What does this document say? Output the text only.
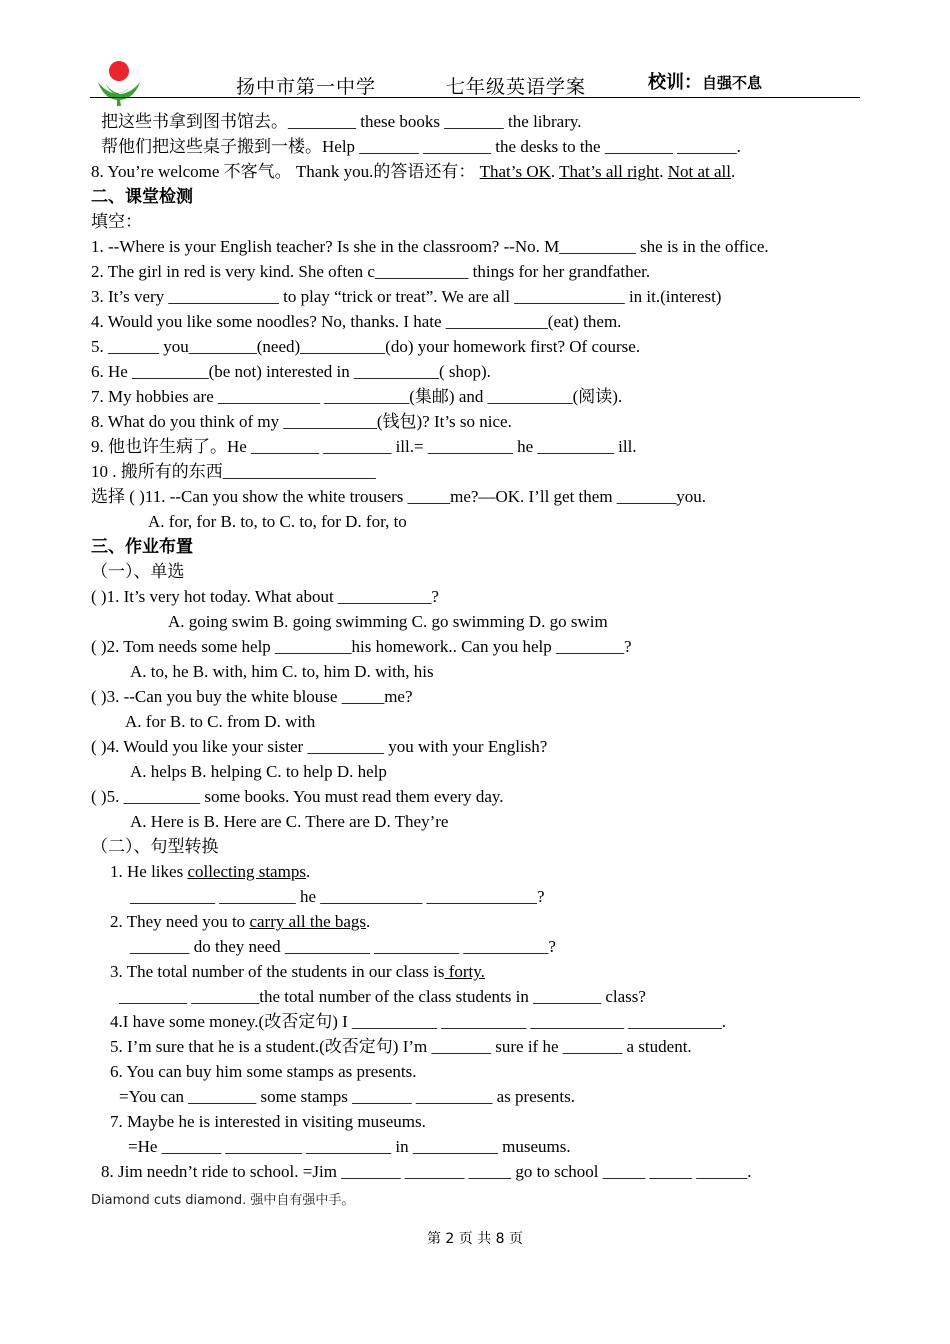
扬中市第一中学	七年级英语学案	校训：自强不息
把这些书拿到图书馆去。________ these books _______ the library.
帮他们把这些桌子搬到一楼。Help _______ ________ the desks to the ________ _______.
8. You’re welcome 不客气。 Thank you.的答语还有： That’s OK. That’s all right. Not at all.
二、课堂检测
填空：
1. --Where is your English teacher? Is she in the classroom? --No. M_________ she is in the office.
2. The girl in red is very kind. She often c___________ things for her grandfather.
3. It’s very _____________ to play “trick or treat”. We are all _____________ in it.(interest)
4. Would you like some noodles? No, thanks. I hate ____________(eat) them.
5. ______ you________(need)__________(do) your homework first? Of course.
6. He _________(be not) interested in __________( shop).
7. My hobbies are ____________ __________(集邮) and __________(阅读).
8. What do you think of my ___________(钱包)? It’s so nice.
9. 他也许生病了。He ________ ________ ill.= __________ he _________ ill.
10 . 搬所有的东西__________________
选择 ( )11. --Can you show the white trousers _____me?—OK. I’ll get them _______you.
A. for, for B. to, to C. to, for D. for, to
三、作业布置
（一）、单选
( )1. It’s very hot today. What about ___________?
A. going swim B. going swimming C. go swimming D. go swim
( )2. Tom needs some help _________his homework.. Can you help ________?
A. to, he B. with, him C. to, him D. with, his
( )3. --Can you buy the white blouse _____me?
A. for B. to C. from D. with
( )4. Would you like your sister _________ you with your English?
A. helps B. helping C. to help D. help
( )5. _________ some books. You must read them every day.
A. Here is B. Here are C. There are D. They’re
（二）、句型转换
1. He likes collecting stamps.
__________ _________ he ____________ _____________?
2. They need you to carry all the bags.
_______ do they need __________ __________ __________?
3. The total number of the students in our class is forty.
________ ________the total number of the class students in ________ class?
4.I have some money.(改否定句) I __________ __________ ___________ ___________.
5. I’m sure that he is a student.(改否定句) I’m _______ sure if he _______ a student.
6. You can buy him some stamps as presents.
=You can ________ some stamps _______ _________ as presents.
7. Maybe he is interested in visiting museums.
=He _______ _________ __________ in __________ museums.
8. Jim needn’t ride to school. =Jim _______ _______ _____ go to school _____ _____ ______.
Diamond cuts diamond. 强中自有强中手。
第 2 页 共 8 页
